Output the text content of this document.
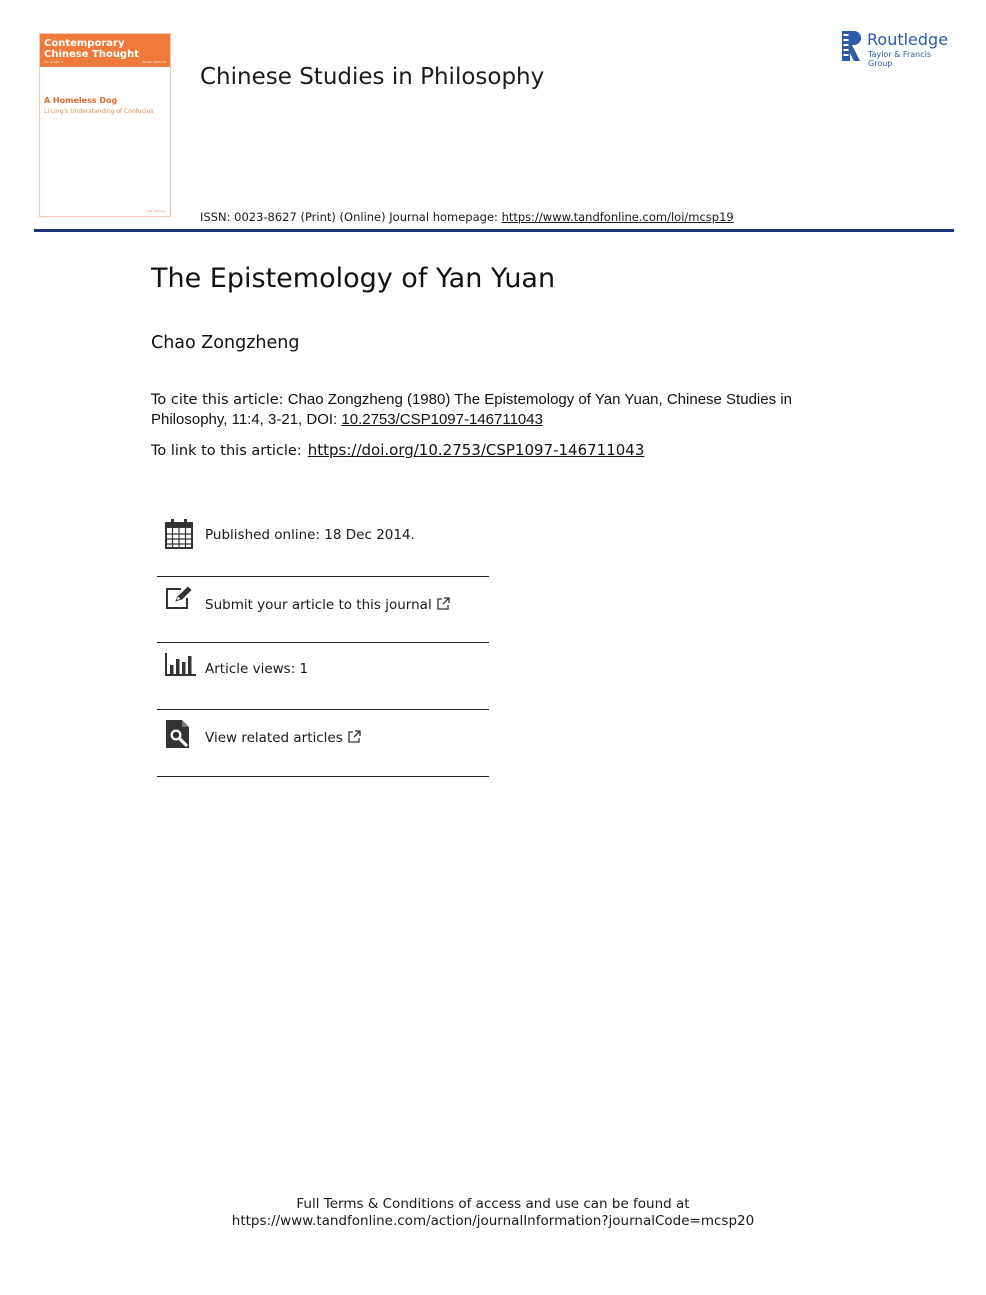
Contemporary
Chinese Thought
Vol. 41 No. 3	Winter 2009–10
A Homeless Dog
Li Ling's Understanding of Confucius
M.E. Sharpe
Chinese Studies in Philosophy
Routledge
Taylor & Francis Group
ISSN: 0023-8627 (Print) (Online) Journal homepage: https://www.tandfonline.com/loi/mcsp19
The Epistemology of Yan Yuan
Chao Zongzheng
To cite this article: Chao Zongzheng (1980) The Epistemology of Yan Yuan, Chinese Studies in Philosophy, 11:4, 3-21, DOI: 10.2753/CSP1097-146711043
To link to this article: https://doi.org/10.2753/CSP1097-146711043
Published online: 18 Dec 2014.
Submit your article to this journal
Article views: 1
View related articles
Full Terms & Conditions of access and use can be found at
https://www.tandfonline.com/action/journalInformation?journalCode=mcsp20
